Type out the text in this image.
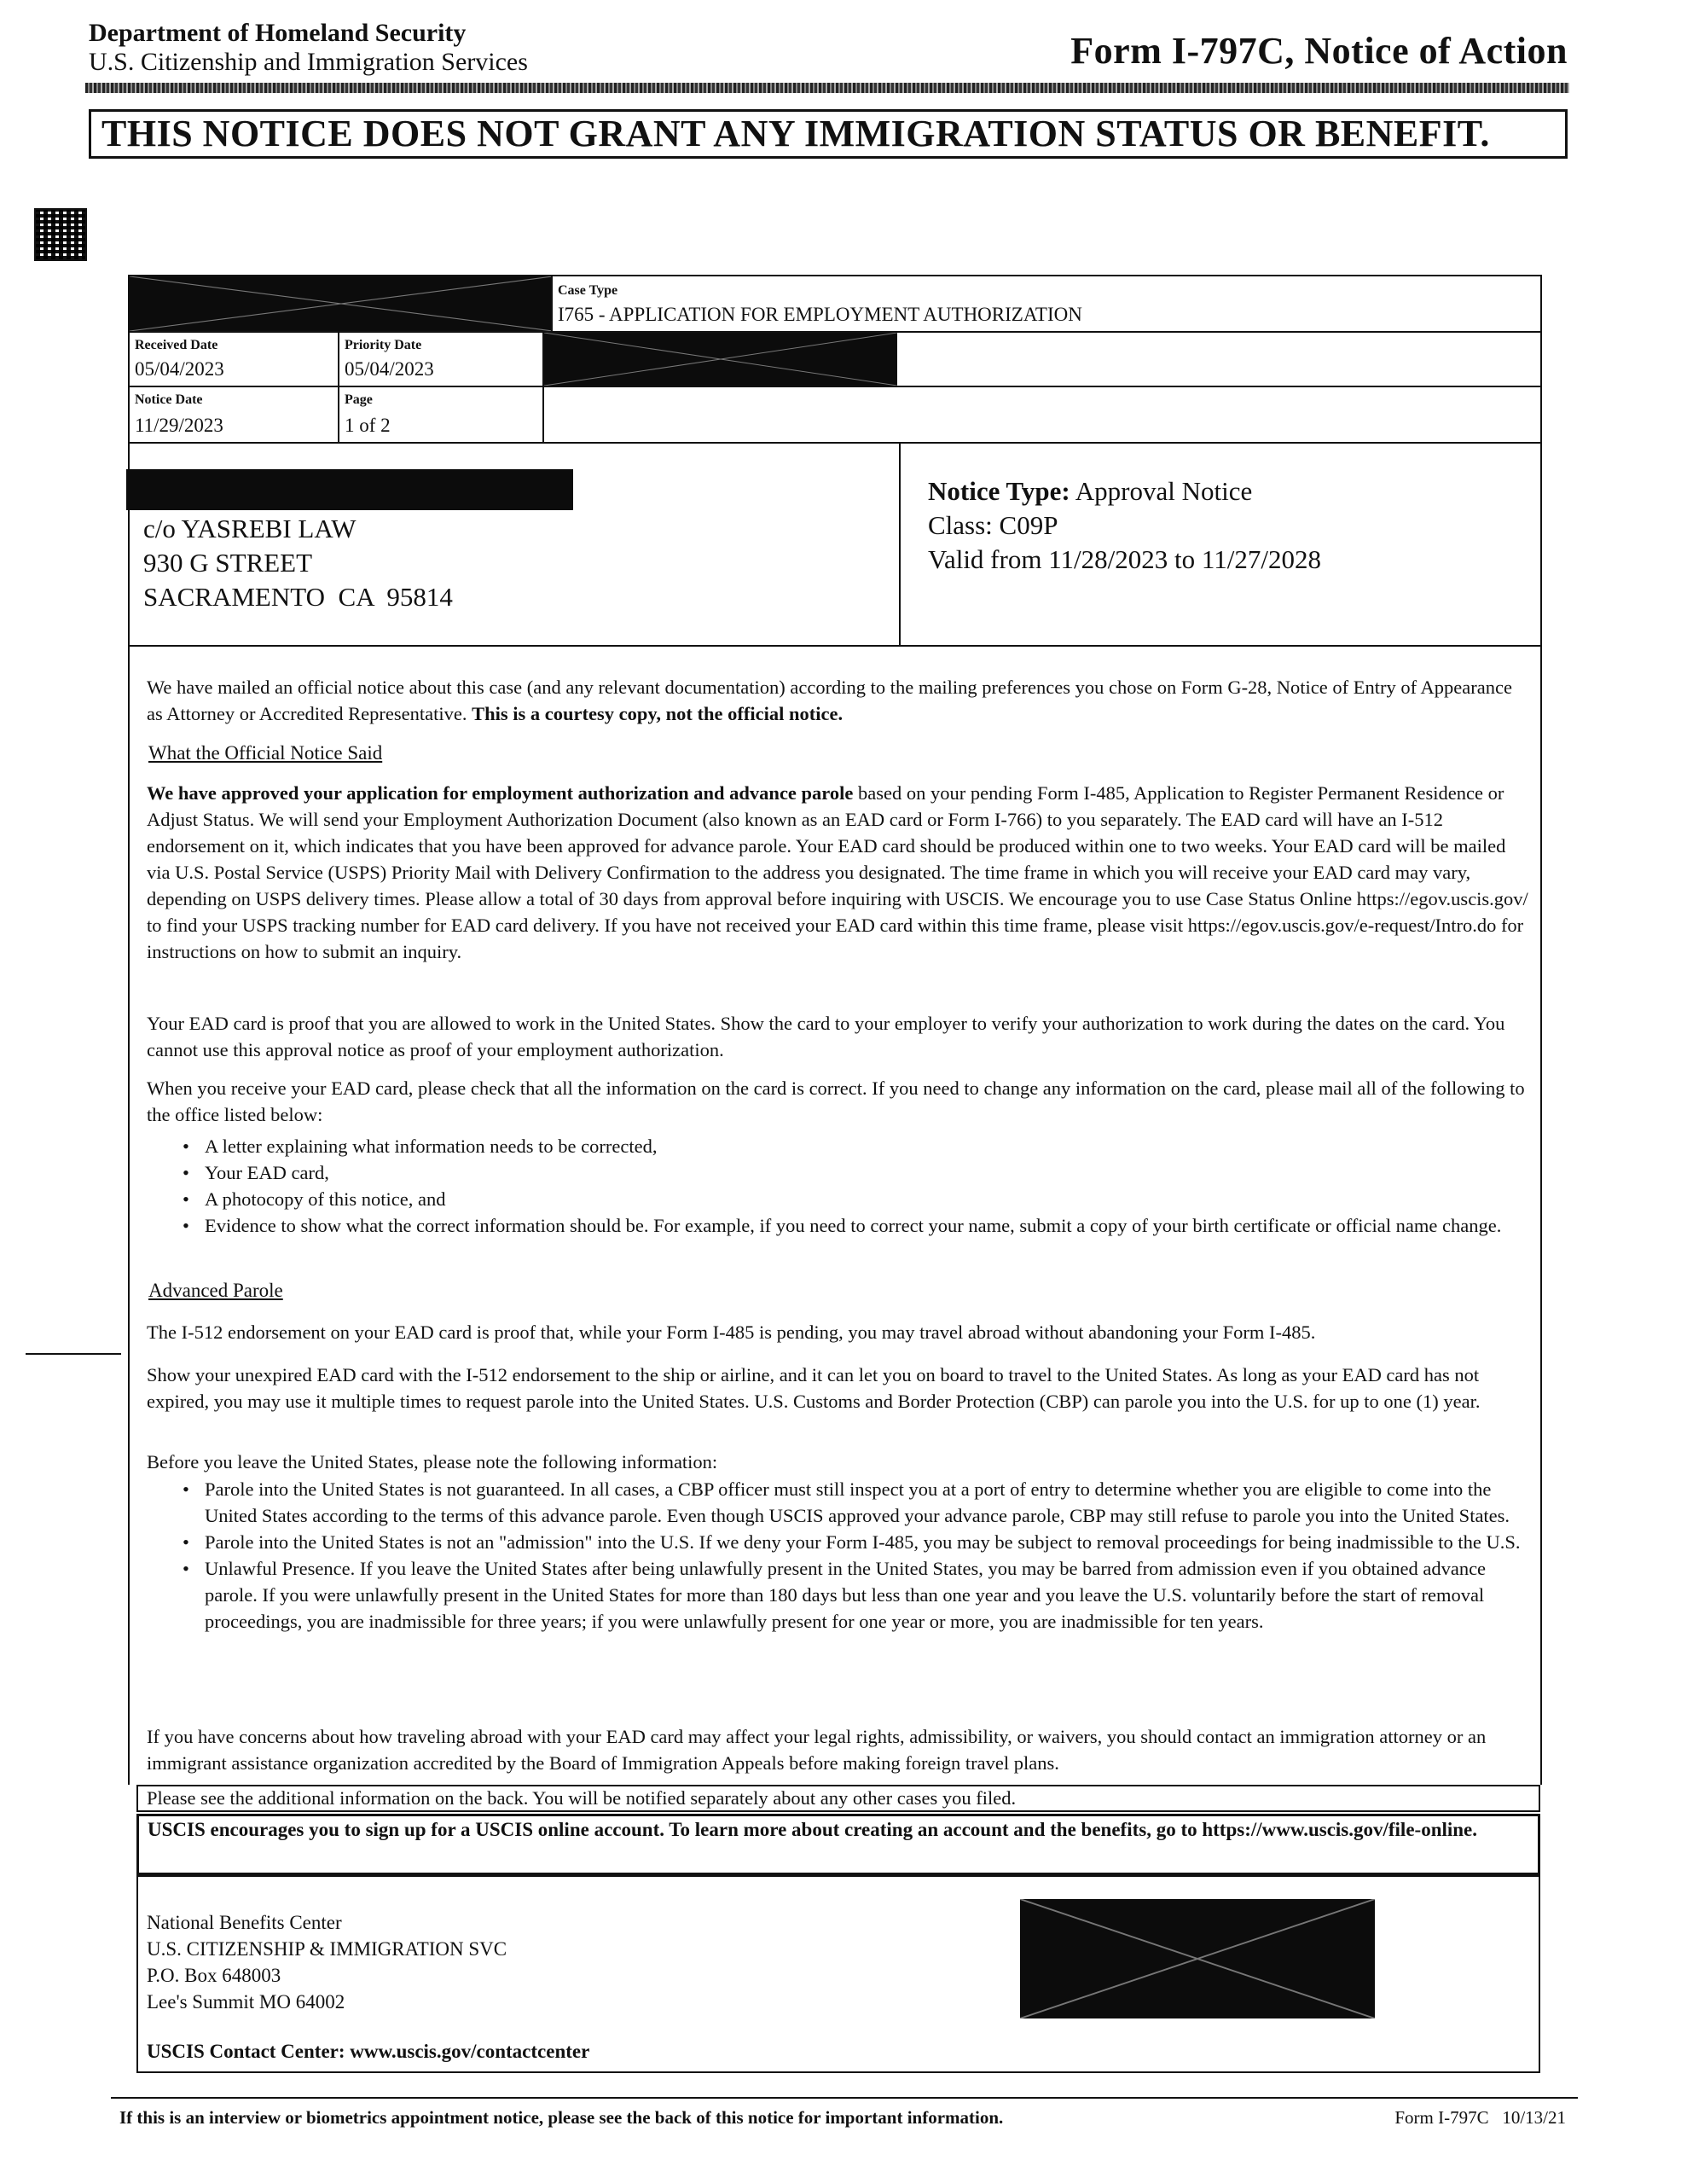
Department of Homeland Security
U.S. Citizenship and Immigration Services	Form I-797C, Notice of Action
THIS NOTICE DOES NOT GRANT ANY IMMIGRATION STATUS OR BENEFIT.
Case Type
I765 - APPLICATION FOR EMPLOYMENT AUTHORIZATION
Received Date
05/04/2023
Priority Date
05/04/2023
Notice Date
11/29/2023
Page
1 of 2
c/o YASREBI LAW
930 G STREET
SACRAMENTO  CA  95814
Notice Type: Approval Notice
Class: C09P
Valid from 11/28/2023 to 11/27/2028

We have mailed an official notice about this case (and any relevant documentation) according to the mailing preferences you chose on Form G-28, Notice of Entry of Appearance as Attorney or Accredited Representative. This is a courtesy copy, not the official notice.

What the Official Notice Said

We have approved your application for employment authorization and advance parole based on your pending Form I-485, Application to Register Permanent Residence or Adjust Status. We will send your Employment Authorization Document (also known as an EAD card or Form I-766) to you separately. The EAD card will have an I-512 endorsement on it, which indicates that you have been approved for advance parole. Your EAD card should be produced within one to two weeks. Your EAD card will be mailed via U.S. Postal Service (USPS) Priority Mail with Delivery Confirmation to the address you designated. The time frame in which you will receive your EAD card may vary, depending on USPS delivery times. Please allow a total of 30 days from approval before inquiring with USCIS. We encourage you to use Case Status Online https://egov.uscis.gov/ to find your USPS tracking number for EAD card delivery. If you have not received your EAD card within this time frame, please visit https://egov.uscis.gov/e-request/Intro.do for instructions on how to submit an inquiry.

Your EAD card is proof that you are allowed to work in the United States. Show the card to your employer to verify your authorization to work during the dates on the card. You cannot use this approval notice as proof of your employment authorization.

When you receive your EAD card, please check that all the information on the card is correct. If you need to change any information on the card, please mail all of the following to the office listed below:

• A letter explaining what information needs to be corrected,
• Your EAD card,
• A photocopy of this notice, and
• Evidence to show what the correct information should be. For example, if you need to correct your name, submit a copy of your birth certificate or official name change.
Advanced Parole

The I-512 endorsement on your EAD card is proof that, while your Form I-485 is pending, you may travel abroad without abandoning your Form I-485.

Show your unexpired EAD card with the I-512 endorsement to the ship or airline, and it can let you on board to travel to the United States. As long as your EAD card has not expired, you may use it multiple times to request parole into the United States. U.S. Customs and Border Protection (CBP) can parole you into the U.S. for up to one (1) year.

Before you leave the United States, please note the following information:

• Parole into the United States is not guaranteed. In all cases, a CBP officer must still inspect you at a port of entry to determine whether you are eligible to come into the United States according to the terms of this advance parole. Even though USCIS approved your advance parole, CBP may still refuse to parole you into the United States.
• Parole into the United States is not an "admission" into the U.S. If we deny your Form I-485, you may be subject to removal proceedings for being inadmissible to the U.S.
• Unlawful Presence. If you leave the United States after being unlawfully present in the United States, you may be barred from admission even if you obtained advance parole. If you were unlawfully present in the United States for more than 180 days but less than one year and you leave the U.S. voluntarily before the start of removal proceedings, you are inadmissible for three years; if you were unlawfully present for one year or more, you are inadmissible for ten years.

If you have concerns about how traveling abroad with your EAD card may affect your legal rights, admissibility, or waivers, you should contact an immigration attorney or an immigrant assistance organization accredited by the Board of Immigration Appeals before making foreign travel plans.

Please see the additional information on the back. You will be notified separately about any other cases you filed.
USCIS encourages you to sign up for a USCIS online account. To learn more about creating an account and the benefits, go to https://www.uscis.gov/file-online.
National Benefits Center
U.S. CITIZENSHIP & IMMIGRATION SVC
P.O. Box 648003
Lee's Summit MO 64002
USCIS Contact Center: www.uscis.gov/contactcenter
If this is an interview or biometrics appointment notice, please see the back of this notice for important information.	Form I-797C   10/13/21
